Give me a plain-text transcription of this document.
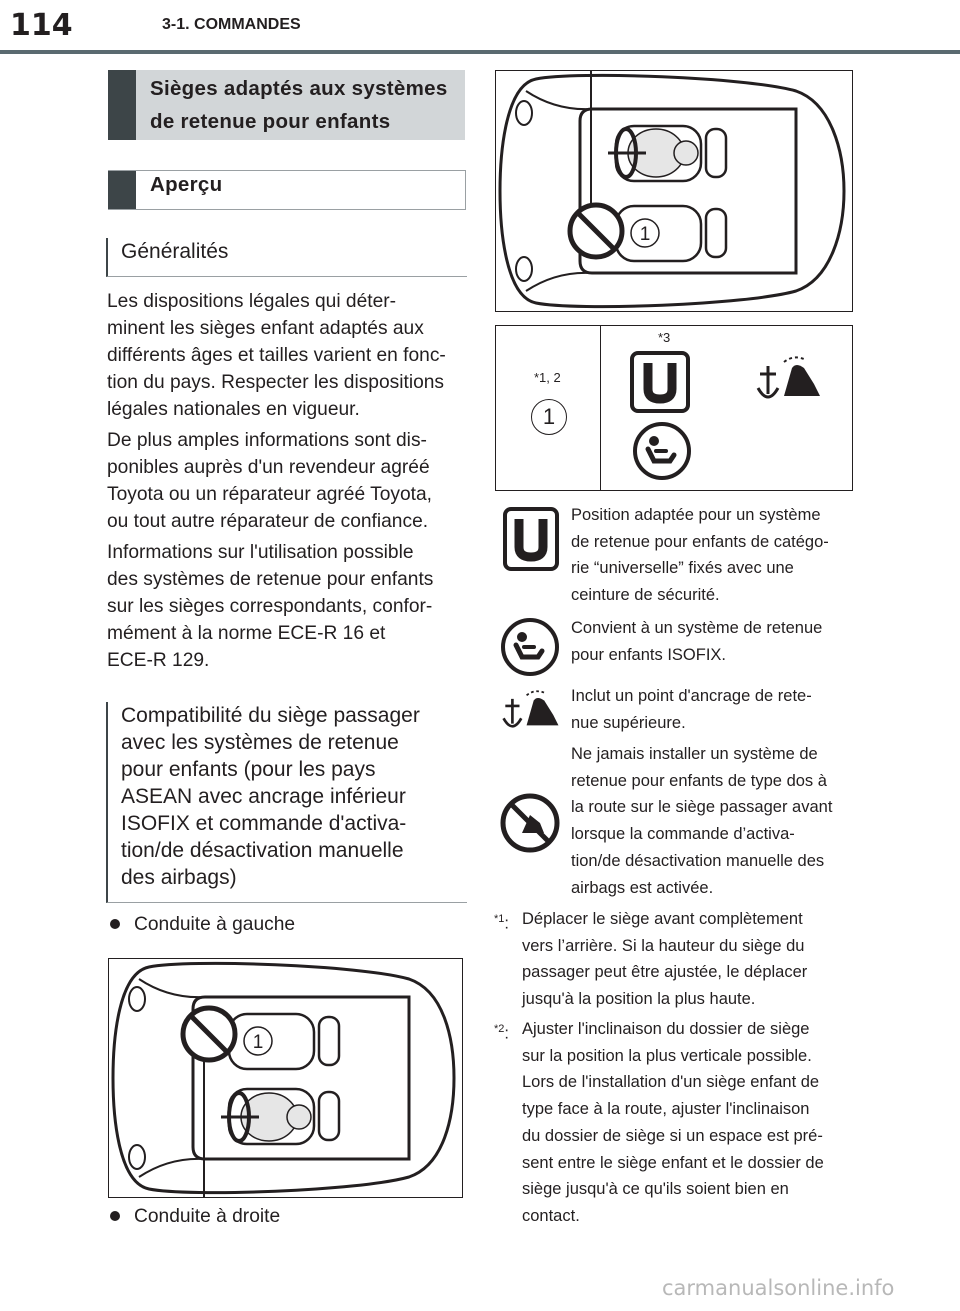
114	3-1. COMMANDES
Sièges adaptés aux systèmes
de retenue pour enfants
Aperçu
Généralités

Les dispositions légales qui déter-
minent les sièges enfant adaptés aux
différents âges et tailles varient en fonc-
tion du pays. Respecter les dispositions
légales nationales en vigueur.

De plus amples informations sont dis-
ponibles auprès d'un revendeur agréé
Toyota ou un réparateur agréé Toyota,
ou tout autre réparateur de confiance.

Informations sur l'utilisation possible
des systèmes de retenue pour enfants
sur les sièges correspondants, confor-
mément à la norme ECE-R 16 et
ECE-R 129.

Compatibilité du siège passager
avec les systèmes de retenue
pour enfants (pour les pays
ASEAN avec ancrage inférieur
ISOFIX et commande d'activa-
tion/de désactivation manuelle
des airbags)
Conduite à gauche
1
Conduite à droite
1
*1, 2
1
*3
Position adaptée pour un système
de retenue pour enfants de catégo-
rie “universelle” fixés avec une
ceinture de sécurité.
Convient à un système de retenue
pour enfants ISOFIX.
Inclut un point d'ancrage de rete-
nue supérieure.
Ne jamais installer un système de
retenue pour enfants de type dos à
la route sur le siège passager avant
lorsque la commande d’activa-
tion/de désactivation manuelle des
airbags est activée.
$^{*1}$: Déplacer le siège avant complètement
vers l’arrière. Si la hauteur du siège du
passager peut être ajustée, le déplacer
jusqu'à la position la plus haute.
$^{*2}$: Ajuster l'inclinaison du dossier de siège
sur la position la plus verticale possible.
Lors de l'installation d'un siège enfant de
type face à la route, ajuster l'inclinaison
du dossier de siège si un espace est pré-
sent entre le siège enfant et le dossier de
siège jusqu'à ce qu'ils soient bien en
contact.
carmanualsonline.info
